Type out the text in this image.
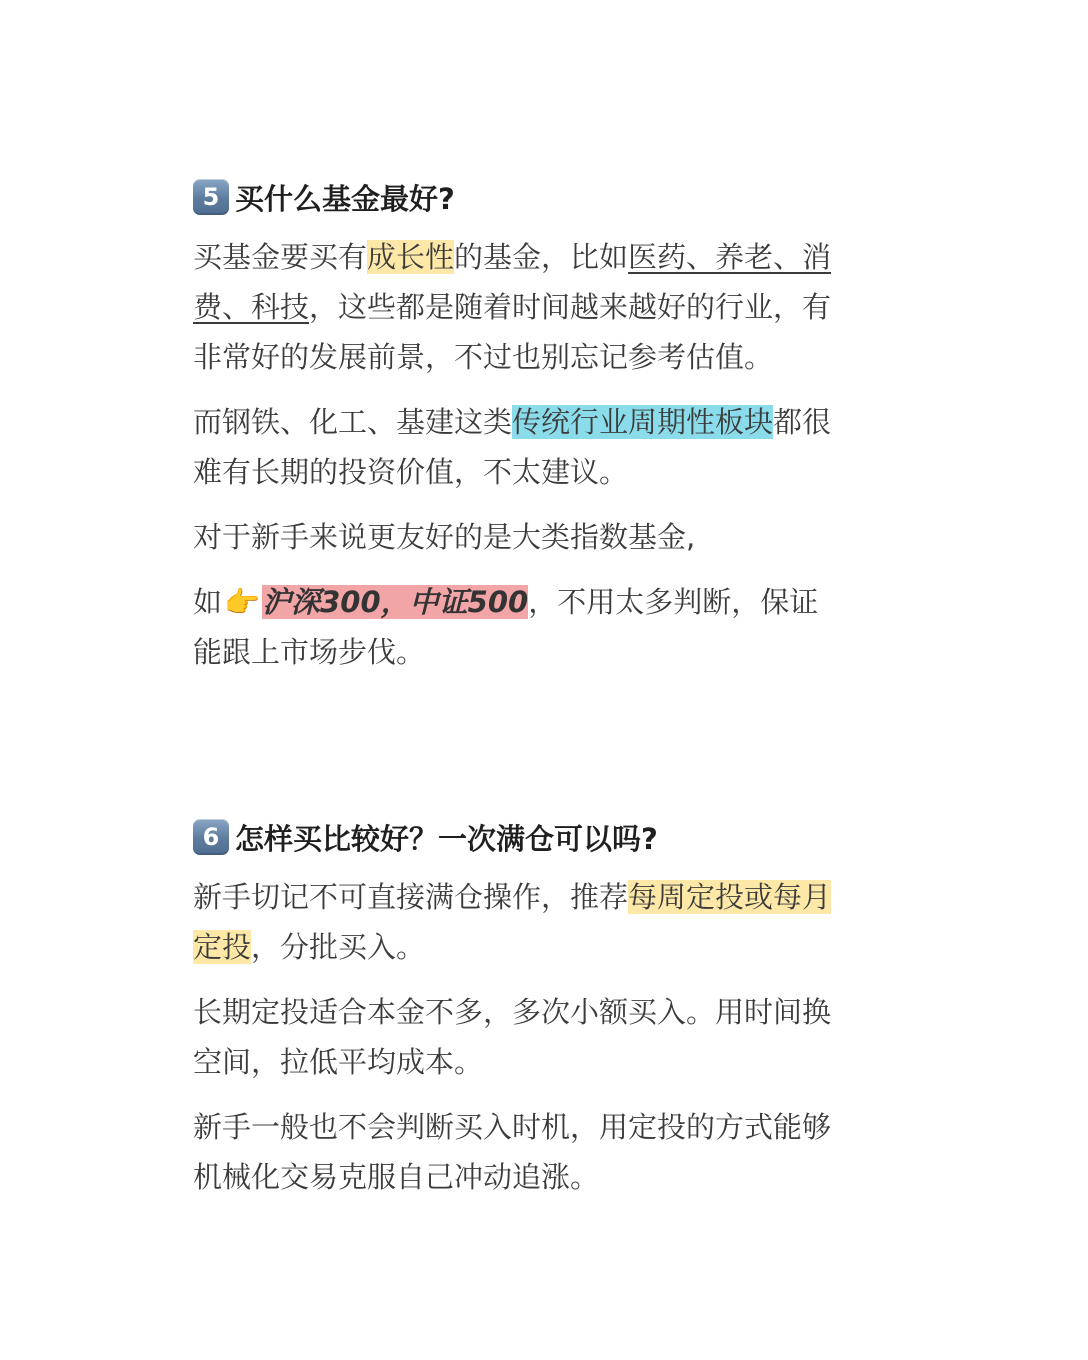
5 买什么基金最好?

买基金要买有成长性的基金，比如医药、养老、消费、科技，这些都是随着时间越来越好的行业，有非常好的发展前景，不过也别忘记参考估值。

而钢铁、化工、基建这类传统行业周期性板块都很难有长期的投资价值，不太建议。

对于新手来说更友好的是大类指数基金,

如👉沪深300，中证500，不用太多判断，保证能跟上市场步伐。

6 怎样买比较好？一次满仓可以吗?

新手切记不可直接满仓操作，推荐每周定投或每月定投，分批买入。

长期定投适合本金不多，多次小额买入。用时间换空间，拉低平均成本。

新手一般也不会判断买入时机，用定投的方式能够机械化交易克服自己冲动追涨。
